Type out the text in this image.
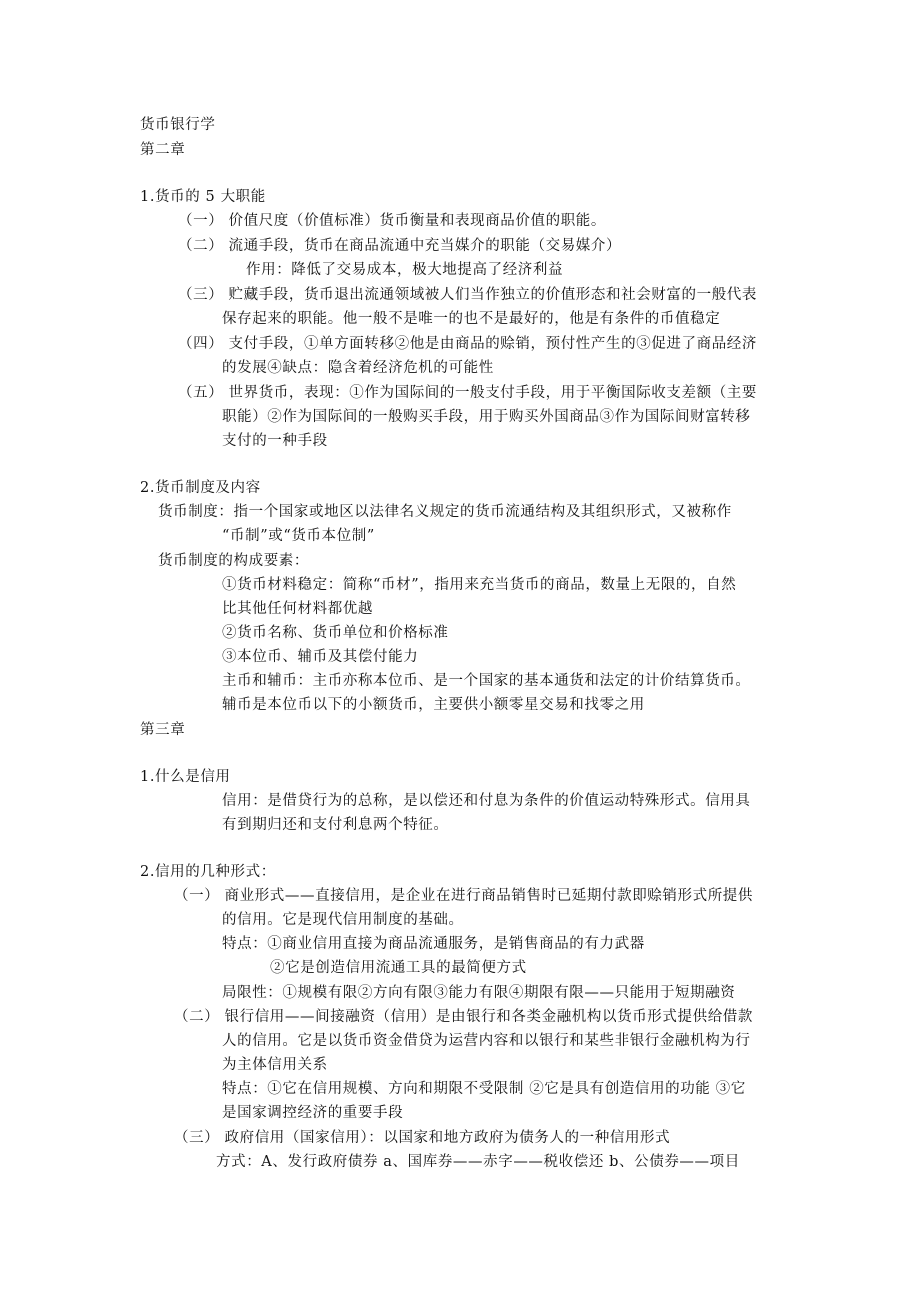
货币银行学
第二章
1.货币的 5 大职能
（一） 价值尺度（价值标准）货币衡量和表现商品价值的职能。
（二） 流通手段，货币在商品流通中充当媒介的职能（交易媒介）
作用：降低了交易成本，极大地提高了经济利益
（三） 贮藏手段，货币退出流通领域被人们当作独立的价值形态和社会财富的一般代表
保存起来的职能。他一般不是唯一的也不是最好的，他是有条件的币值稳定
（四） 支付手段，①单方面转移②他是由商品的赊销，预付性产生的③促进了商品经济
的发展④缺点：隐含着经济危机的可能性
（五） 世界货币，表现：①作为国际间的一般支付手段，用于平衡国际收支差额（主要
职能）②作为国际间的一般购买手段，用于购买外国商品③作为国际间财富转移
支付的一种手段
2.货币制度及内容
货币制度：指一个国家或地区以法律名义规定的货币流通结构及其组织形式，又被称作
“币制”或“货币本位制”
货币制度的构成要素：
①货币材料稳定：简称“币材”，指用来充当货币的商品，数量上无限的，自然
比其他任何材料都优越
②货币名称、货币单位和价格标准
③本位币、辅币及其偿付能力
主币和辅币：主币亦称本位币、是一个国家的基本通货和法定的计价结算货币。
辅币是本位币以下的小额货币，主要供小额零星交易和找零之用
第三章
1.什么是信用
信用：是借贷行为的总称，是以偿还和付息为条件的价值运动特殊形式。信用具
有到期归还和支付利息两个特征。
2.信用的几种形式：
（一） 商业形式——直接信用，是企业在进行商品销售时已延期付款即赊销形式所提供
的信用。它是现代信用制度的基础。
特点：①商业信用直接为商品流通服务，是销售商品的有力武器
②它是创造信用流通工具的最简便方式
局限性：①规模有限②方向有限③能力有限④期限有限——只能用于短期融资
（二） 银行信用——间接融资（信用）是由银行和各类金融机构以货币形式提供给借款
人的信用。它是以货币资金借贷为运营内容和以银行和某些非银行金融机构为行
为主体信用关系
特点：①它在信用规模、方向和期限不受限制 ②它是具有创造信用的功能 ③它
是国家调控经济的重要手段
（三） 政府信用（国家信用）：以国家和地方政府为债务人的一种信用形式
方式：A、发行政府债券 a、国库券——赤字——税收偿还 b、公债券——项目
